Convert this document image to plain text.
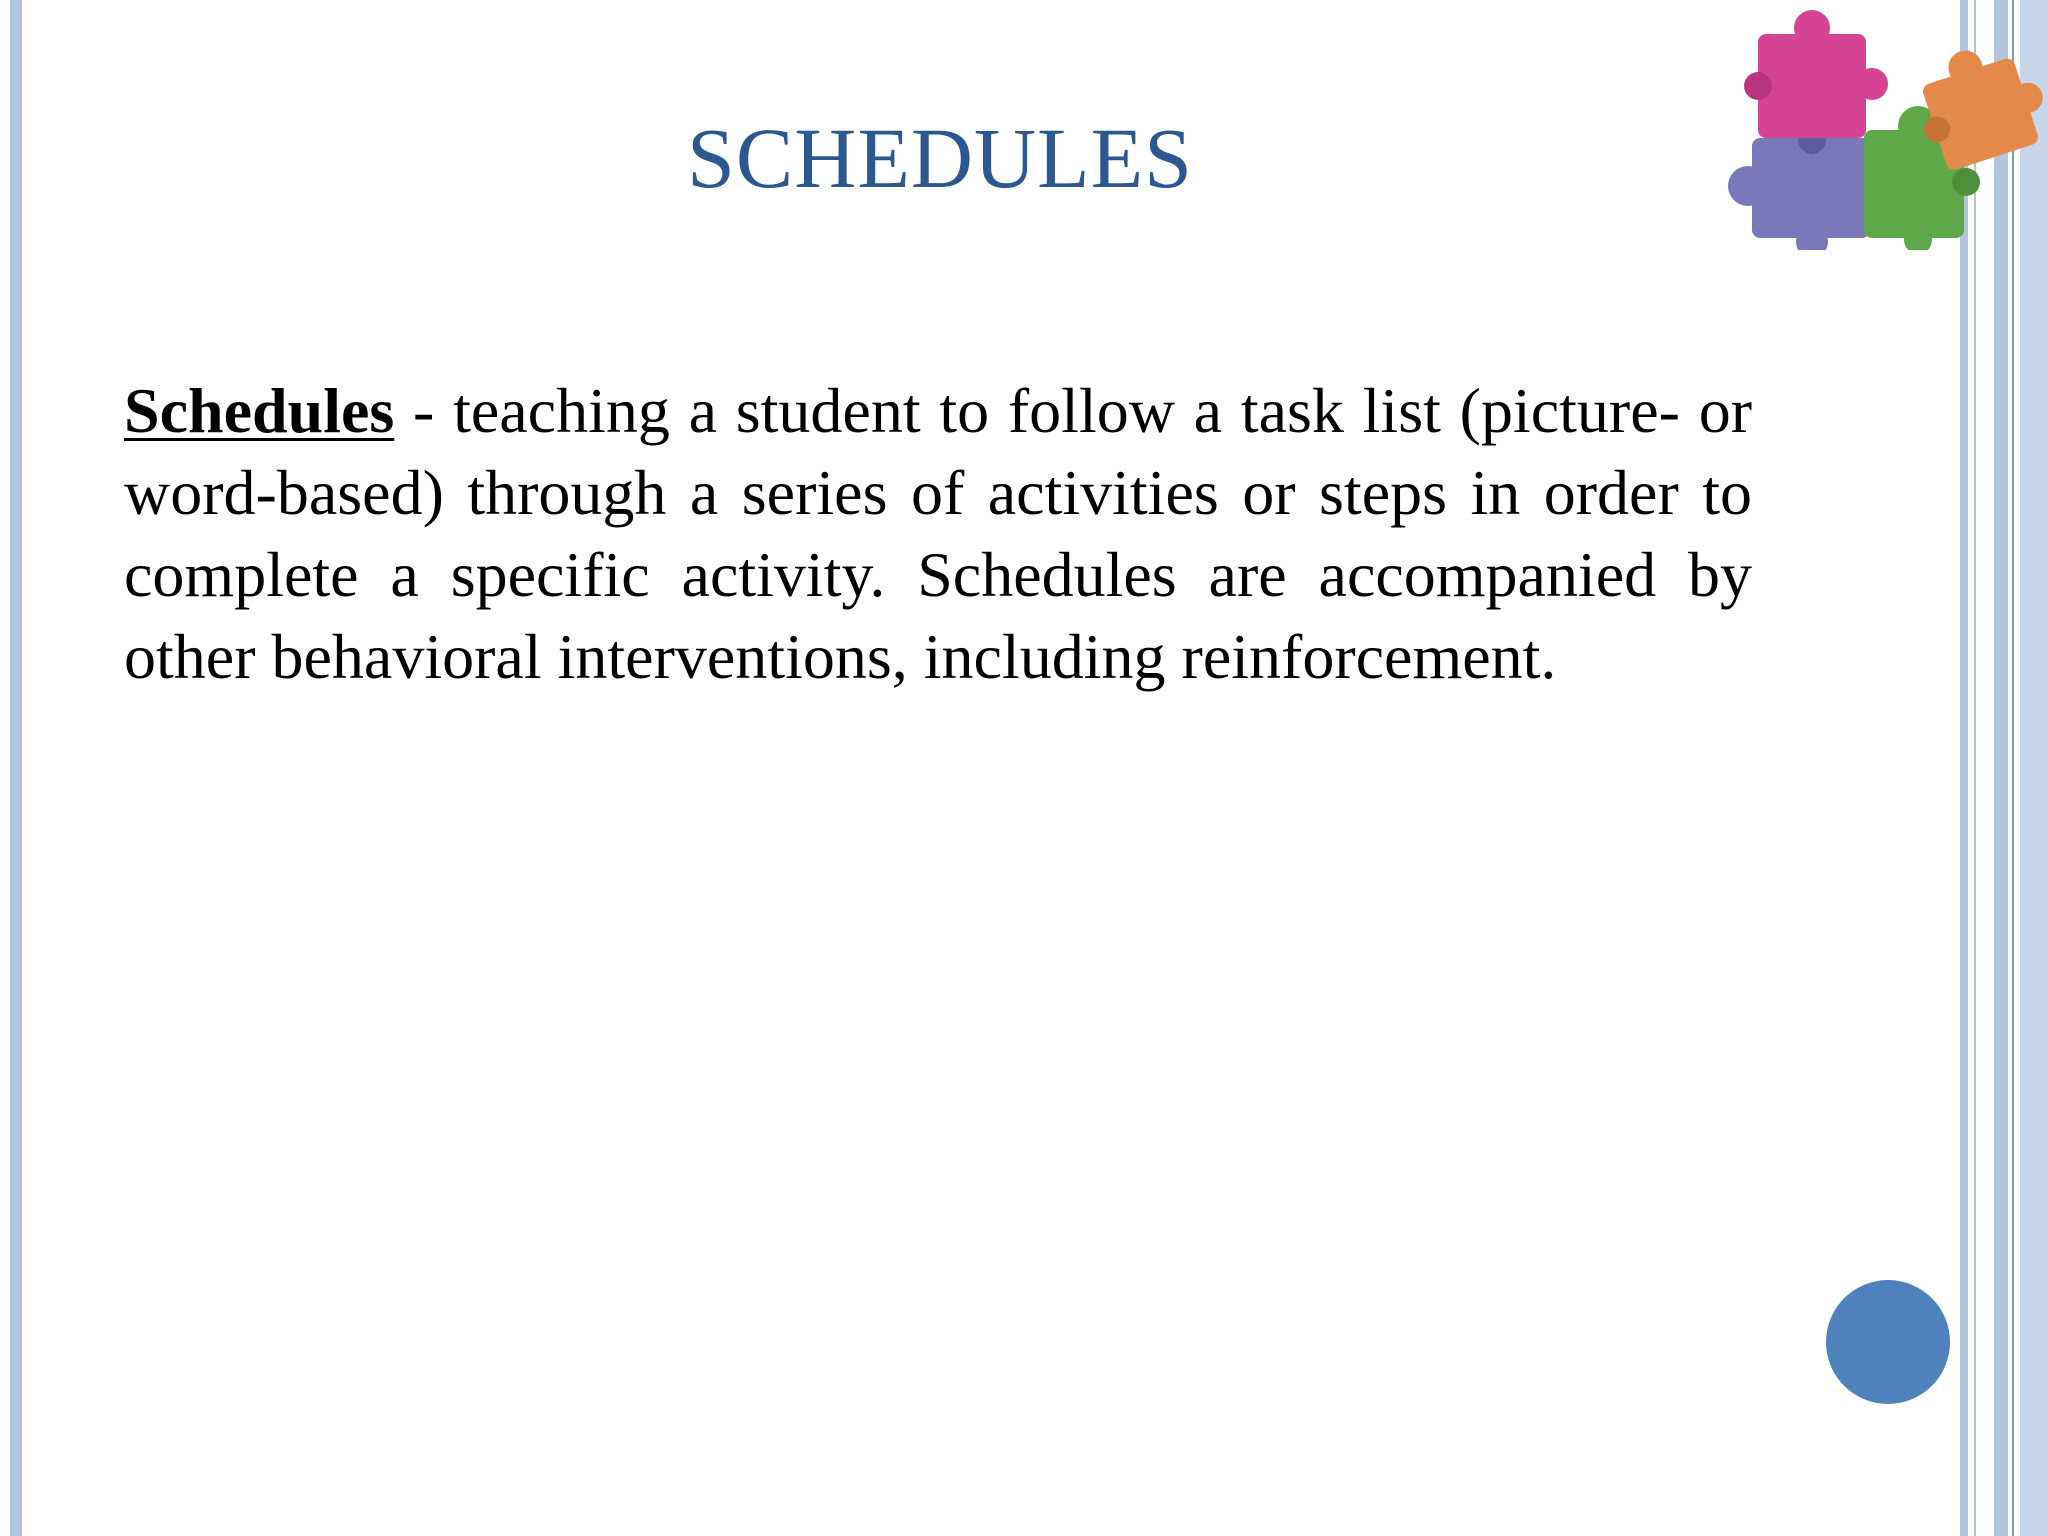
SCHEDULES

Schedules - teaching a student to follow a task list (picture- or word-based) through a series of activities or steps in order to complete a specific activity. Schedules are accompanied by other behavioral interventions, including reinforcement.
